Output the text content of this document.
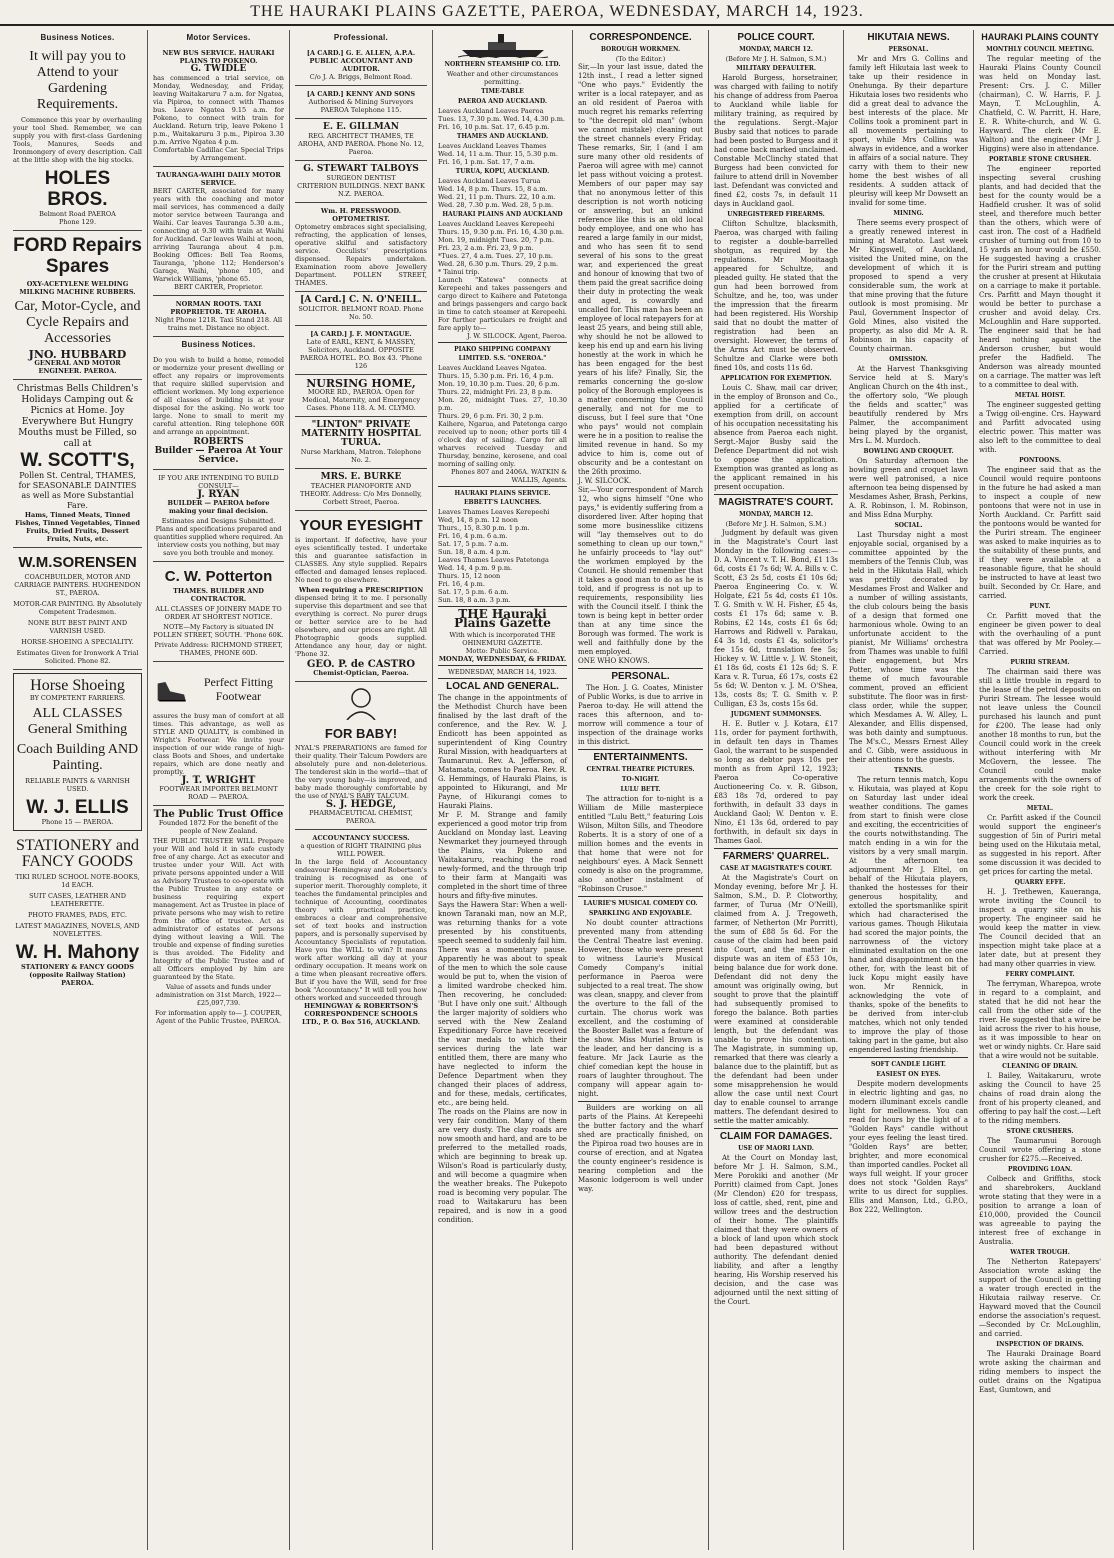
THE HAURAKI PLAINS GAZETTE, PAEROA, WEDNESDAY, MARCH 14, 1923.
Business Notices.
It will pay you to Attend to your Gardening Requirements.

Commence this year by overhauling your tool Shed. Remember, we can supply you with first-class Gardening Tools, Manures, Seeds and Ironmongery of every description. Call at the little shop with the big stocks.

HOLES BROS.
Belmont Road PAEROA
Phone 129.
FORD Repairs Spares
OXY-ACETYLENE WELDING MILKING MACHINE RUBBERS.
Car, Motor-Cycle, and Cycle Repairs and Accessories
JNO. HUBBARD
GENERAL AND MOTOR ENGINEER. PAEROA.
Christmas Bells Children's Holidays Camping out & Picnics at Home. Joy Everywhere But Hungry Mouths must be Filled, so call at
W. SCOTT'S,
Pollen St. Central, THAMES, for SEASONABLE DAINTIES as well as More Substantial Fare.
Hams, Tinned Meats, Tinned Fishes, Tinned Vegetables, Tinned Fruits, Dried Fruits, Dessert Fruits, Nuts, etc.
W.M.SORENSEN
COACHBUILDER, MOTOR AND CARRIAGE PAINTERS. HUGHENDON ST., PAEROA.
MOTOR-CAR PAINTING. By Absolutely Competent Tradesmen.
NONE BUT BEST PAINT AND VARNISH USED.
HORSE-SHOEING A SPECIALITY.
Estimates Given for Ironwork A Trial Solicited. Phone 82.
Horse Shoeing
BY COMPETENT FARRIERS.
ALL CLASSES General Smithing
Coach Building AND Painting.
RELIABLE PAINTS & VARNISH USED.
W. J. ELLIS
Phone 15 — PAEROA.
STATIONERY and FANCY GOODS
TIKI RULED SCHOOL NOTE-BOOKS, 1d EACH.
SUIT CASES, LEATHER AND LEATHERETTE.
PHOTO FRAMES, PADS, ETC.
LATEST MAGAZINES, NOVELS, AND NOVELETTES.
W. H. Mahony
STATIONERY & FANCY GOODS (opposite Railway Station) PAEROA.
Motor Services.
NEW BUS SERVICE. HAURAKI PLAINS TO POKENO.
G. TWIDLE

has commenced a trial service, on Monday, Wednesday, and Friday, leaving Waitakaruru 7 a.m. for Ngatea, via Pipiroa, to connect with Thames bus. Leave Ngatea 9.15 a.m. for Pokeno, to connect with train for Auckland. Return trip, leave Pokeno 1 p.m., Waitakaruru 3 p.m., Pipiroa 3.30 p.m. Arrive Ngatea 4 p.m.

Comfortable Cadillac Car. Special Trips by Arrangement.
TAURANGA-WAIHI DAILY MOTOR SERVICE.

BERT CARTER, associated for many years with the coaching and motor mail services, has commenced a daily motor service between Tauranga and Waihi. Car leaves Tauranga 5.30 a.m., connecting at 9.30 with train at Waihi for Auckland. Car leaves Waihi at noon, arriving Tauranga about 4 p.m. Booking Offices: Bell Tea Rooms, Tauranga, 'phone 112; Henderson's Garage, Waihi, 'phone 105, and Warwick Williams, 'phone 65.

BERT CARTER, Proprietor.
NORMAN ROOTS. TAXI PROPRIETOR. TE AROHA.
Night Phone 121R. Taxi Stand 218. All trains met. Distance no object.
Business Notices.

Do you wish to build a home, remodel or modernize your present dwelling or effect any repairs or improvements that require skilled supervision and efficient workmen. My long experience of all classes of building is at your disposal for the asking. No work too large. None to small to merit my careful attention. Ring telephone 60R and arrange an appointment.

ROBERTS
Builder — Paeroa At Your Service.
IF YOU ARE INTENDING TO BUILD CONSULT—
J. RYAN
BUILDER — PAEROA before making your final decision.

Estimates and Designs Submitted. Plans and specifications prepared and quantities supplied where required. An interview costs you nothing, but may save you both trouble and money.

C. W. Potterton
THAMES. BUILDER AND CONTRACTOR.
ALL CLASSES OF JOINERY MADE TO ORDER AT SHORTEST NOTICE.
NOTE—My Factory is situated IN POLLEN STREET, SOUTH. 'Phone 60K.
Private Address: RICHMOND STREET, THAMES, PHONE 60D.
Perfect Fitting Footwear

assures the busy man of comfort at all times. This advantage, as well as STYLE AND QUALITY, is combined in Wright's Footwear. We invite your inspection of our wide range of high-class Boots and Shoes, and undertake repairs, which are done neatly and promptly.

J. T. WRIGHT
FOOTWEAR IMPORTER BELMONT ROAD — PAEROA.
The Public Trust Office
Founded 1872 For the benefit of the people of New Zealand.

THE PUBLIC TRUSTEE WILL Prepare your Will and hold it in safe custody free of any charge. Act as executor and trustee under your Will. Act with private persons appointed under a Will as Advisory Trustees to co-operate with the Public Trustee in any estate or business requiring expert management. Act as Trustee in place of private persons who may wish to retire from the office of trustee. Act as administrator of estates of persons dying without leaving a Will. The trouble and expense of finding sureties is thus avoided. The Fidelity and Integrity of the Public Trustee and of all Officers employed by him are guaranteed by the State.

Value of assets and funds under administration on 31st March, 1922—£25,097,739.

For information apply to— J. COUPER, Agent of the Public Trustee, PAEROA.

Professional.
[A CARD.] G. E. ALLEN, A.P.A. PUBLIC ACCOUNTANT AND AUDITOR.
C/o J. A. Briggs, Belmont Road.
[A CARD.] KENNY AND SONS
Authorised & Mining Surveyors PAEROA Telephone 115.
E. E. GILLMAN
REG. ARCHITECT THAMES, TE AROHA, AND PAEROA. Phone No. 12, Paeroa.
G. STEWART TALBOYS
SURGEON DENTIST
CRITERION BUILDINGS. NEXT BANK N.Z. PAEROA.
Wm. H. PRESSWOOD. OPTOMETRIST.

Optometry embraces sight specialising, refracting, the application of lenses, operative skilful and satisfactory service. Occulists' prescriptions dispensed. Repairs undertaken. Examination room above Jewellery Department. POLLEN STREET, THAMES.

[A Card.] C. N. O'NEILL.
SOLICITOR. BELMONT ROAD. Phone No. 50.
[A CARD.] J. F. MONTAGUE.
Late of EARL, KENT, & MASSEY, Solicitors, Auckland. OPPOSITE PAEROA HOTEL. P.O. Box 43. 'Phone 126
NURSING HOME,
MOORE RD., PAEROA. Open for Medical, Maternity, and Emergency Cases. Phone 118. A. M. CLYMO.
"LINTON" PRIVATE MATERNITY HOSPITAL TURUA.
Nurse Markham, Matron. Telephone No. 2.
MRS. E. BURKE
TEACHER PIANOFORTE AND THEORY. Address: C/o Mrs Donnelly, Corbett Street, Paeroa.
YOUR EYESIGHT

is important. If defective, have your eyes scientifically tested. I undertake this and guarantee satisfaction in CLASSES. Any style supplied. Repairs effected and damaged lenses replaced. No need to go elsewhere.

When requiring a PRESCRIPTION

dispensed bring it to me. I personally supervise this department and see that everything is correct. No purer drugs or better service are to be had elsewhere, and our prices are right. All Photographic goods supplied. Attendance any hour, day or night. 'Phone 32.

GEO. P. de CASTRO
Chemist-Optician, Paeroa.
FOR BABY!

NYAL'S PREPARATIONS are famed for their quality. Their Talcum Powders are absolutely pure and non-deleterious. The tenderest skin in the world—that of the very young baby—is improved, and baby made thoroughly comfortable by the use of NYAL'S BABY TALCUM.

S. J. HEDGE,
PHARMACEUTICAL CHEMIST, PAEROA.
ACCOUNTANCY SUCCESS.
a question of RIGHT TRAINING plus WILL POWER.

In the large field of Accountancy endeavour Hemingway and Robertson's training is recognised as one of superior merit. Thoroughly complete, it teaches the fundamental principles and technique of Accounting, coordinates theory with practical practice, embraces a clear and comprehensive set of text books and instruction papers, and is personally supervised by Accountancy Specialists of reputation. Have you the WILL to win? It means work after working all day at your ordinary occupation. It means work on a time when pleasant recreative offers. But if you have the Will, send for free book "Accountancy." It will tell you how others worked and succeeded through

HEMINGWAY & ROBERTSON'S CORRESPONDENCE SCHOOLS LTD., P. O. Box 516, AUCKLAND.
NORTHERN STEAMSHIP CO. LTD.
Weather and other circumstances permitting.
TIME-TABLE
PAEROA AND AUCKLAND.
Leaves Auckland Leaves Paeroa
Tues. 13, 7.30 p.m. Wed. 14, 4.30 p.m.
Fri. 16, 10 p.m. Sat. 17, 6.45 p.m.
THAMES AND AUCKLAND.
Leaves Auckland Leaves Thames
Wed. 14, 11 a.m. Thur. 15, 5.30 p.m.
Fri. 16, 1 p.m. Sat. 17, 7 a.m.
TURUA, KOPU, AUCKLAND.
Leaves Auckland Leaves Turua
Wed. 14, 8 p.m. Thurs. 15, 8 a.m.
Wed. 21, 11 p.m. Thurs. 22, 10 a.m.
Wed. 28, 7.30 p.m. Wed. 28, 5 p.m.
HAURAKI PLAINS AND AUCKLAND
Leaves Auckland Leaves Kerepeehi
Thurs. 15, 9.30 p.m. Fri. 16, 4.30 p.m.
Mon. 19, midnight Tues. 20, 7 p.m.
Fri. 23, 2 a.m. Fri. 23, 9 p.m.
*Tues. 27, 4 a.m. Tues. 27, 10 p.m.
Wed. 28, 6.30 p.m. Thurs. 29, 2 p.m.
* Tainui trip.

Launch "Katewa" connects at Kerepeehi and takes passengers and cargo direct to Kaihere and Patetonga and brings passengers and cargo back in time to catch steamer at Kerepeehi. For further particulars re freight and fare apply to—

J. W. SILCOCK. Agent, Paeroa.
PIAKO SHIPPING COMPANY LIMITED. S.S. "ONEROA."
Leaves Auckland Leaves Ngatea.
Thurs. 15, 5.30 p.m. Fri. 16, 4 p.m.
Mon. 19, 10.30 p.m. Tues. 20, 6 p.m.
Thurs. 22, midnight Fri. 23, 8 p.m.
Mon. 26, midnight Tues. 27, 10.30 p.m.
Thurs. 29, 6 p.m. Fri. 30, 2 p.m.

Kaihere, Ngarua, and Patetonga cargo received up to noon; other ports till 4 o'clock day of sailing. Cargo for all wharves received Tuesday and Thursday, benzine, kerosene, and coal morning of sailing only.

Phones 807 and 2406A. WATKIN & WALLIS, Agents.
HAURAKI PLAINS SERVICE. EBBETT'S LAUNCHES.
Leaves Thames Leaves Kerepeehi
Wed, 14, 8 p.m. 12 noon
Thurs., 15, 8.30 p.m. 1 p.m.
Fri. 16, 4 p.m. 6 a.m.
Sat. 17, 5 p.m. 7 a.m.
Sun. 18, 8 a.m. 4 p.m.
Leaves Thames Leaves Patetonga
Wed. 14, 4 p.m. 9 p.m.
Thurs. 15, 12 noon
Fri. 16, 4 p.m.
Sat. 17, 5 p.m. 6 a.m.
Sun. 18, 8 a.m. 3 p.m.
THE Hauraki Plains Gazette
With which is incorporated THE OHINEMURI GAZETTE.
Motto: Public Service.
MONDAY, WEDNESDAY, & FRIDAY.
WEDNESDAY, MARCH 14, 1923.
LOCAL AND GENERAL.
The change in the appointments of the Methodist Church have been finalised by the last draft of the conference, and the Rev. W. J. Endicott has been appointed as superintendent of King Country Rural Mission, with headquarters at Taumarunui. Rev. A. Jefferson, of Matamata, comes to Paeroa. Rev. R. G. Hemmings, of Hauraki Plains, is appointed to Hikurangi, and Mr Payne, of Hikurangi comes to Hauraki Plains.
Mr F. M. Strange and family experienced a good motor trip from Auckland on Monday last. Leaving Newmarket they journeyed through the Plains, via Pokeno and Waitakaruru, reaching the road newly-formed, and the through trip to their farm at Mangaiti was completed in the short time of three hours and fifty-five minutes.
Says the Hawera Star: When a well-known Taranaki man, now an M.P., was returning thanks for a vote presented by his constituents, speech seemed to suddenly fail him. There was a momentary pause. Apparently he was about to speak of the men to which the sole cause would be put to, when the vision of a limited wardrobe checked him. Then recovering, he concluded: 'But I have only one suit.' Although the larger majority of soldiers who served with the New Zealand Expeditionary Force have received the war medals to which their services during the late war entitled them, there are many who have neglected to inform the Defence Department when they changed their places of address, and for these, medals, certificates, etc., are being held.
The roads on the Plains are now in very fair condition. Many of them are very dusty. The clay roads are now smooth and hard, and are to be preferred to the metalled roads, which are beginning to break up. Wilson's Road is particularly dusty, and will become a quagmire when the weather breaks. The Pukepoto road is becoming very popular. The road to Waitakaruru has been repaired, and is now in a good condition.
CORRESPONDENCE.
BOROUGH WORKMEN.
(To the Editor.)
Sir,—In your last issue, dated the 12th inst., I read a letter signed "One who pays." Evidently the writer is a local ratepayer, and as an old resident of Paeroa with much regret his remarks referring to "the decrepit old man" (whom we cannot mistake) cleaning out the street channels every Friday. These remarks, Sir, I (and I am sure many other old residents of Paeroa will agree with me) cannot let pass without voicing a protest. Members of our paper may say that no anonymous letter of this description is not worth noticing or answering, but an unkind reference like this is an old local body employee, and one who has reared a large family in our midst, and who has seen fit to send several of his sons to the great war, and experienced the great and honour of knowing that two of them paid the great sacrifice doing their duty in protecting the weak and aged, is cowardly and uncalled for. This man has been an employee of local ratepayers for at least 25 years, and being still able, why should he not be allowed to keep his end up and earn his living honestly at the work in which he has been engaged for the best years of his life? Finally, Sir, the remarks concerning the go-slow policy of the Borough employees is a matter concerning the Council generally, and not for me to discuss, but I feel sure that "One who pays" would not complain were he in a position to realise the limited revenue in hand. So my advice to him is, come out of obscurity and be a contestant on the 26th proximo.
J. W. SILCOCK.
Sir,—Your correspondent of March 12, who signs himself "One who pays," is evidently suffering from a disordered liver. After hoping that some more businesslike citizens will "lay themselves out to do something to clean up our town," he unfairly proceeds to "lay out" the workmen employed by the Council. He should remember that it takes a good man to do as he is told, and if progress is not up to requirements, responsibility lies with the Council itself. I think the town is being kept in better order than at any time since the Borough was formed. The work is well and faithfully done by the men employed.
ONE WHO KNOWS.
PERSONAL.

The Hon. J. G. Coates, Minister of Public Works, is due to arrive in Paeroa to-day. He will attend the races this afternoon, and to-morrow will commence a tour of inspection of the drainage works in this district.

ENTERTAINMENTS.
CENTRAL THEATRE PICTURES.
TO-NIGHT.
LULU BETT.

The attraction for to-night is a William de Mille masterpiece entitled "Lulu Bett," featuring Lois Wilson, Milton Sills, and Theodore Roberts. It is a story of one of a million homes and the events in that home that were not for neighbours' eyes. A Mack Sennett comedy is also on the programme, also another instalment of "Robinson Crusoe."

LAURIE'S MUSICAL COMEDY CO.
SPARKLING AND ENJOYABLE.

No doubt counter attractions prevented many from attending the Central Theatre last evening. However, those who were present to witness Laurie's Musical Comedy Company's initial performance in Paeroa were subjected to a real treat. The show was clean, snappy, and clever from the overture to the fall of the curtain. The chorus work was excellent, and the costuming of the Booster Ballet was a feature of the show. Miss Muriel Brown is the leader, and her dancing is a feature. Mr Jack Laurie as the chief comedian kept the house in roars of laughter throughout. The company will appear again to-night.

Builders are working on all parts of the Plains. At Kerepeehi the butter factory and the wharf shed are practically finished, on the Pipiroa road two houses are in course of erection, and at Ngatea the county engineer's residence is nearing completion and the Masonic lodgeroom is well under way.

POLICE COURT.
MONDAY, MARCH 12.
(Before Mr J. H. Salmon, S.M.)
MILITARY DEFAULTER.

Harold Burgess, horsetrainer, was charged with failing to notify his change of address from Paeroa to Auckland while liable for military training, as required by the regulations. Sergt.-Major Busby said that notices to parade had been posted to Burgess and it had come back marked unclaimed. Constable McClinchy stated that Burgess had been convicted for failure to attend drill in November last. Defendant was convicted and fined £2, costs 7s, in default 11 days in Auckland gaol.

UNREGISTERED FIREARMS.

Clifton Schultze, blacksmith, Paeroa, was charged with failing to register a double-barrelled shotgun, as required by the regulations. Mr Mooitaagh appeared for Schultze, and pleaded guilty. He stated that the gun had been borrowed from Schultze, and he, too, was under the impression that the firearm had been registered. His Worship said that no doubt the matter of registration had been an oversight. However, the terms of the Arms Act must be observed. Schultze and Clarke were both fined 10s, and costs 11s 6d.

APPLICATION FOR EXEMPTION.

Louis C. Shaw, mail car driver, in the employ of Bronson and Co., applied for a certificate of exemption from drill, on account of his occupation necessitating his absence from Paeroa each night. Sergt.-Major Busby said the Defence Department did not wish to oppose the application. Exemption was granted as long as the applicant remained in his present occupation.

MAGISTRATE'S COURT.
MONDAY, MARCH 12.
(Before Mr J. H. Salmon, S.M.)

Judgment by default was given in the Magistrate's Court last Monday in the following cases:— D. A. Vincent v. T. H. Bond, £1 13s 6d, costs £1 7s 6d; W. A. Bills v. C. Scott, £3 2s 5d, costs £1 10s 6d; Paeroa Engineering Co. v. W. Holgate, £21 5s 4d, costs £1 10s. T. G. Smith v. W. H. Fisher, £5 4s, costs £1 17s 6d; same v. B. Robins, £2 14s, costs £1 6s 6d; Harrows and Ridwell v. Parakau, £4 3s 1d, costs £1 4s, solicitor's fee 15s 6d, translation fee 5s; Hickey v. W. Little v. J. W. Stoneit, £1 18s 6d, costs £1 12s 6d; S. F. Kara v. R. Turua, £6 17s, costs £2 5s 6d; W. Denton v. J. M. O'Shea, 13s, costs 8s; T. G. Smith v. P. Culligan, £3 3s, costs 15s 6d.

JUDGMENT SUMMONSES.

H. E. Butler v. J. Kotara, £17 11s, order for payment forthwith, in default ten days in Thames Gaol, the warrant to be suspended so long as debtor pays 10s per month as from April 12, 1923; Paeroa Co-operative Auctioneering Co. v. R. Gibson, £83 18s 7d, ordered to pay forthwith, in default 33 days in Auckland Gaol; W. Denton v. E. Nino, £1 13s 6d, ordered to pay forthwith, in default six days in Thames Gaol.

FARMERS' QUARREL.
CASE AT MAGISTRATE'S COURT.

At the Magistrate's Court on Monday evening, before Mr J. H. Salmon, S.M., D. P. Clotworthy, farmer, of Turua (Mr O'Neill), claimed from A. J. Tregoweth, farmer, of Netherton (Mr Porritt), the sum of £88 5s 6d. For the cause of the claim had been paid into Court, and the matter in dispute was an item of £53 10s, being balance due for work done. Defendant did not deny the amount was originally owing, but sought to prove that the plaintiff had subsequently promised to forego the balance. Both parties were examined at considerable length, but the defendant was unable to prove his contention. The Magistrate, in summing up, remarked that there was clearly a balance due to the plaintiff, but as the defendant had been under some misapprehension he would allow the case until next Court day to enable counsel to arrange matters. The defendant desired to settle the matter amicably.

CLAIM FOR DAMAGES.
USE OF MAORI LAND.

At the Court on Monday last, before Mr J. H. Salmon, S.M., Mere Porokiki and another (Mr Porritt) claimed from Capt. Jones (Mr Clendon) £20 for trespass, loss of cattle, shed, rent, pine and willow trees and the destruction of their home. The plaintiffs claimed that they were owners of a block of land upon which stock had been depastured without authority. The defendant denied liability, and after a lengthy hearing, His Worship reserved his decision, and the case was adjourned until the next sitting of the Court.

HIKUTAIA NEWS.
PERSONAL.

Mr and Mrs G. Collins and family left Hikutaia last week to take up their residence in Onehunga. By their departure Hikutaia loses two residents who did a great deal to advance the best interests of the place. Mr Collins took a prominent part in all movements pertaining to sport, while Mrs Collins was always in evidence, and a worker in affairs of a social nature. They carry with them to their new home the best wishes of all residents. A sudden attack of pleurisy will keep Mr Dowsett an invalid for some time.

MINING.

There seems every prospect of a greatly renewed interest in mining at Maratoto. Last week Mr Kingswell, of Auckland, visited the United mine, on the development of which it is proposed to spend a very considerable sum, the work at that mine proving that the future outlook is most promising. Mr Paul, Government Inspector of Gold Mines, also visited the property, as also did Mr A. R. Robinson in his capacity of County chairman.

OMISSION.

At the Harvest Thanksgiving Service held at S. Mary's Anglican Church on the 4th inst., the offertory solo, "We plough the fields and scatter," was beautifully rendered by Mrs Palmer, the accompaniment being played by the organist, Mrs L. M. Murdoch.

BOWLING AND CROQUET.

On Saturday afternoon the bowling green and croquet lawn were well patronised, a nice afternoon tea being dispensed by Mesdames Asher, Brash, Perkins, A. R. Robinson, I. M. Robinson, and Miss Edna Murphy.

SOCIAL.

Last Thursday night a most enjoyable social, organised by a committee appointed by the members of the Tennis Club, was held in the Hikutaia Hall, which was prettily decorated by Mesdames Frost and Walker and a number of willing assistants, the club colours being the basis of a design that formed one harmonious whole. Owing to an unfortunate accident to the pianist, Mr Williams' orchestra from Thames was unable to fulfil their engagement, but Mrs Potter, whose time was the theme of much favourable comment, proved an efficient substitute. The floor was in first-class order, while the supper, which Mesdames A. W. Alley, L. Alexander, and Ellis dispensed, was both dainty and sumptuous. The M's.C., Messrs Ernest Alley and C. Gibb, were assiduous in their attentions to the guests.

TENNIS.

The return tennis match, Kopu v. Hikutaia, was played at Kopu on Saturday last under ideal weather conditions. The games from start to finish were close and exciting, the eccentricities of the courts notwithstanding. The match ending in a win for the visitors by a very small margin. At the afternoon tea adjournment Mr J. Eltel, on behalf of the Hikutaia players, thanked the hostesses for their generous hospitality, and extolled the sportsmanlike spirit which had characterised the various games. Though Hikutaia had scored the major points, the narrowness of the victory eliminated exultation on the one hand and disappointment on the other, for, with the least bit of luck Kopu might easily have won. Mr Rennick, in acknowledging the vote of thanks, spoke of the benefits to be derived from inter-club matches, which not only tended to improve the play of those taking part in the game, but also engendered lasting friendship.

SOFT CANDLE LIGHT.
EASIEST ON EYES.

Despite modern developments in electric lighting and gas, no modern illuminant excels candle light for mellowness. You can read for hours by the light of a "Golden Rays" candle without your eyes feeling the least tired. "Golden Rays" are better, brighter, and more economical than imported candles. Pocket all ways full weight. If your grocer does not stock "Golden Rays" write to us direct for supplies. Ellis and Manson, Ltd., G.P.O., Box 222, Wellington.

HAURAKI PLAINS COUNTY
MONTHLY COUNCIL MEETING.

The regular meeting of the Hauraki Plains County Council was held on Monday last. Present: Crs. J. C. Miller (chairman), C. W. Harris, F. J. Mayn, T. McLoughlin, A. Chatfield, C. W. Parritt, H. Hare, E. R. White-church, and W. G. Hayward. The clerk (Mr E. Walton) and the engineer (Mr J. Higgins) were also in attendance.

PORTABLE STONE CRUSHER.

The engineer reported inspecting several crushing plants, and had decided that the best for the county would be a Hadfield crusher. It was of solid steel, and therefore much better than the others, which were of cast iron. The cost of a Hadfield crusher of turning out from 10 to 15 yards an hour would be £550. He suggested having a crusher for the Puriri stream and putting the crusher at present at Hikutaia on a carriage to make it portable. Crs. Parfitt and Mayn thought it would be better to purchase a crusher and avoid delay. Crs. McLoughlin and Hare supported. The engineer said that he had heard nothing against the Anderson crusher, but would prefer the Hadfield. The Anderson was already mounted on a carriage. The matter was left to a committee to deal with.

METAL HOIST.

The engineer suggested getting a Twigg oil-engine. Crs. Hayward and Parfitt advocated using electric power. This matter was also left to the committee to deal with.

PONTOONS.

The engineer said that as the Council would require pontoons in the future he had asked a man to inspect a couple of new pontoons that were not in use in North Auckland. Cr. Parfitt said the pontoons would be wanted for the Puriri stream. The engineer was asked to make inquiries as to the suitability of these punts, and if they were available at a reasonable figure, that he should be instructed to have at least two built. Seconded by Cr. Hare, and carried.

PUNT.

Cr. Parfitt moved that the engineer be given power to deal with the overhauling of a punt that was offered by Mr Pooley.—Carried.

PURIRI STREAM.

The chairman said there was still a little trouble in regard to the lease of the petrol deposits on Puriri Stream. The lessee would not leave unless the Council purchased his launch and punt for £200. The lease had only another 18 months to run, but the Council could work in the creek without interfering with Mr McGovern, the lessee. The Council could make arrangements with the owners of the creek for the sole right to work the creek.

METAL.

Cr. Parfitt asked if the Council would support the engineer's suggestion of 5in of Puriri metal being used on the Hikutaia metal, as suggested in his report. After some discussion it was decided to get prices for carting the metal.

QUARRY EFFE.

H. J. Trethewen, Kaueranga, wrote inviting the Council to inspect a quarry site on his property. The engineer said he would keep the matter in view. The Council decided that an inspection might take place at a later date, but at present they had many other quarries in view.

FERRY COMPLAINT.

The ferryman, Wharepoa, wrote in regard to a complaint, and stated that he did not hear the call from the other side of the river. He suggested that a wire be laid across the river to his house, as it was impossible to hear on wet or windy nights. Cr. Hare said that a wire would not be suitable.

CLEANING OF DRAIN.

I. Bailey, Waitakaruru, wrote asking the Council to have 25 chains of road drain along the front of his property cleaned, and offering to pay half the cost.—Left to the riding members.

STONE CRUSHERS.

The Taumarunui Borough Council wrote offering a stone crusher for £275.—Received.

PROVIDING LOAN.

Colbeck and Griffiths, stock and sharebrokers, Auckland wrote stating that they were in a position to arrange a loan of £10,000, provided the Council was agreeable to paying the interest free of exchange in Australia.

WATER TROUGH.

The Netherton Ratepayers' Association wrote asking the support of the Council in getting a water trough erected in the Hikutaia railway reserve. Cr. Hayward moved that the Council endorse the association's request.—Seconded by Cr. McLoughlin, and carried.

INSPECTION OF DRAINS.

The Hauraki Drainage Board wrote asking the chairman and riding members to inspect the outlet drains on the Ngatipua East, Gumtown, and
